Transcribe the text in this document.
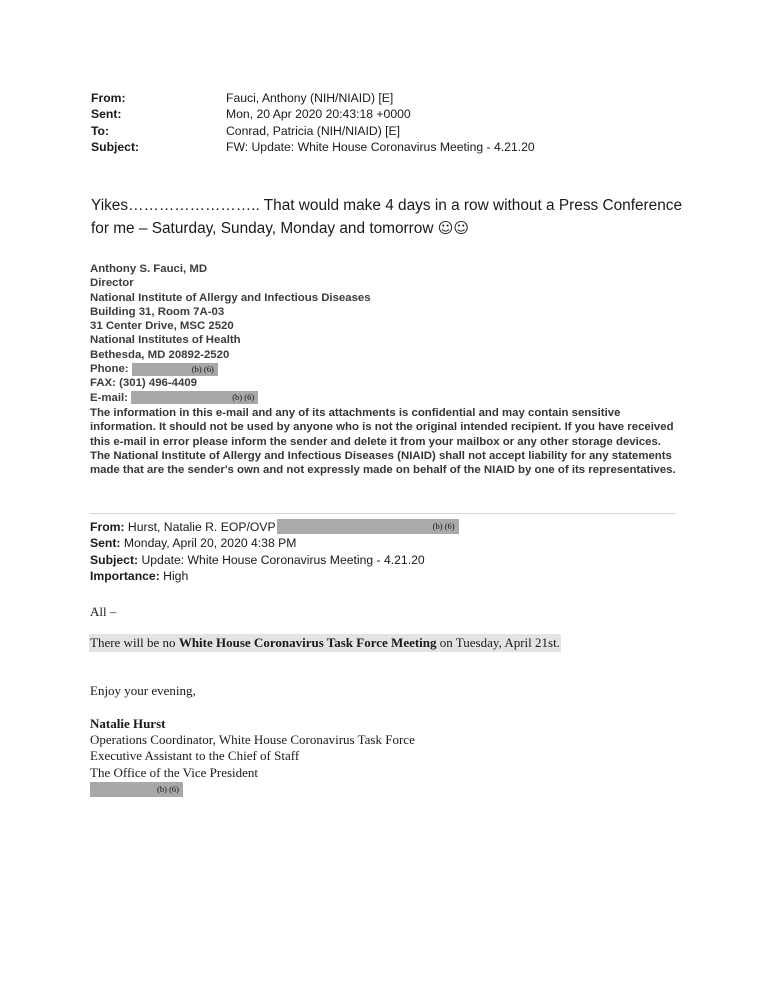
From:	Fauci, Anthony (NIH/NIAID) [E]
Sent:	Mon, 20 Apr 2020 20:43:18 +0000
To:	Conrad, Patricia (NIH/NIAID) [E]
Subject:	FW: Update: White House Coronavirus Meeting - 4.21.20
Yikes…………………….. That would make 4 days in a row without a Press Conference
for me – Saturday, Sunday, Monday and tomorrow ☺☺
Anthony S. Fauci, MD
Director
National Institute of Allergy and Infectious Diseases
Building 31, Room 7A-03
31 Center Drive, MSC 2520
National Institutes of Health
Bethesda, MD 20892-2520
Phone:	(b) (6)
FAX: (301) 496-4409
E-mail:	(b) (6)
The information in this e-mail and any of its attachments is confidential and may contain sensitive information. It should not be used by anyone who is not the original intended recipient. If you have received this e-mail in error please inform the sender and delete it from your mailbox or any other storage devices. The National Institute of Allergy and Infectious Diseases (NIAID) shall not accept liability for any statements made that are the sender's own and not expressly made on behalf of the NIAID by one of its representatives.
From: Hurst, Natalie R. EOP/OVP	(b) (6)
Sent: Monday, April 20, 2020 4:38 PM
Subject: Update: White House Coronavirus Meeting - 4.21.20
Importance: High
All –
There will be no White House Coronavirus Task Force Meeting on Tuesday, April 21st.
Enjoy your evening,
Natalie Hurst
Operations Coordinator, White House Coronavirus Task Force
Executive Assistant to the Chief of Staff
The Office of the Vice President
(b) (6)
